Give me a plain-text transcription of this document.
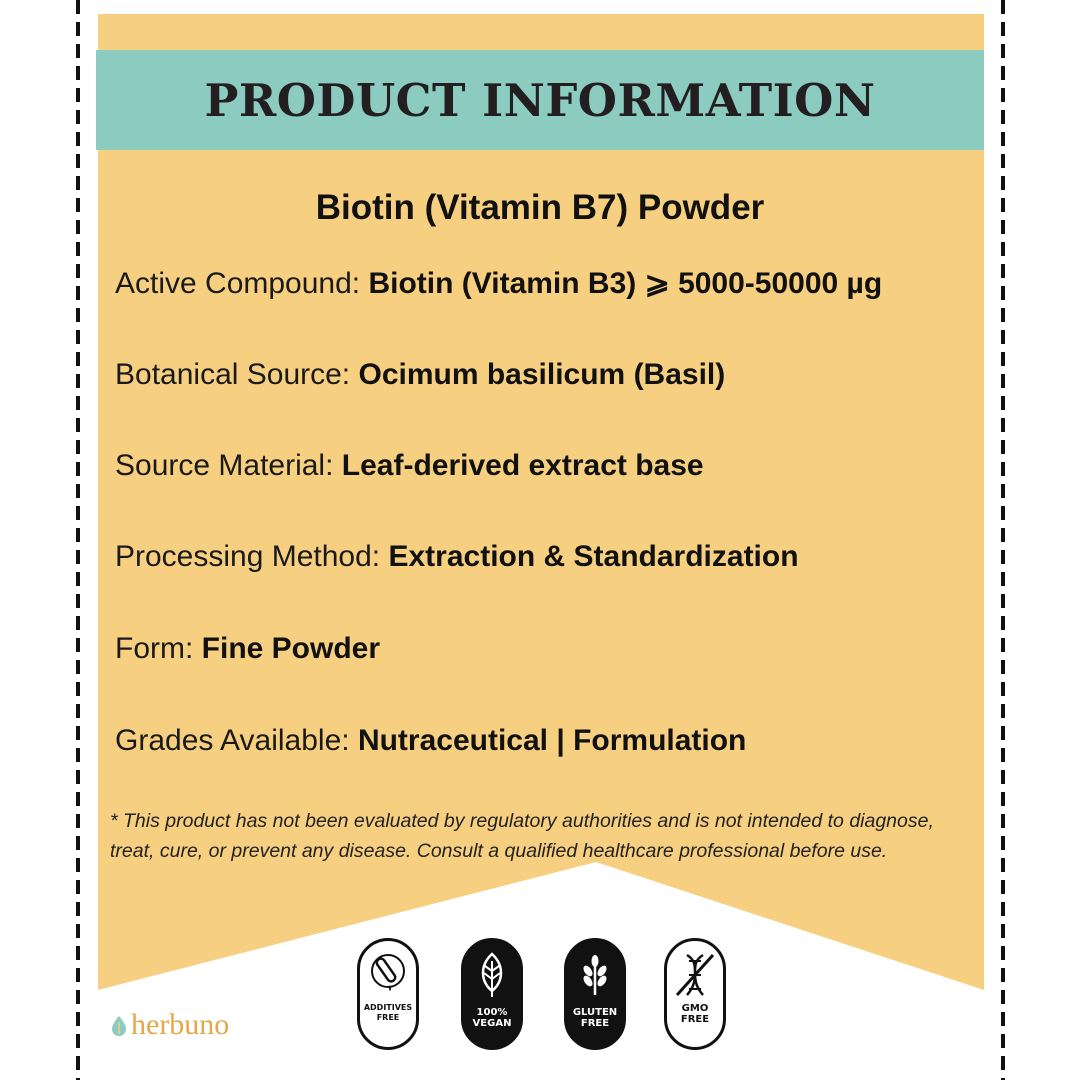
PRODUCT INFORMATION
Biotin (Vitamin B7) Powder
Active Compound: Biotin (Vitamin B3) ⩾ 5000-50000 µg
Botanical Source: Ocimum basilicum (Basil)
Source Material: Leaf-derived extract base
Processing Method: Extraction & Standardization
Form: Fine Powder
Grades Available: Nutraceutical | Formulation
* This product has not been evaluated by regulatory authorities and is not intended to diagnose, treat, cure, or prevent any disease. Consult a qualified healthcare professional before use.
herbuno
ADDITIVES
FREE	100%
VEGAN
GLUTEN
FREE
GMO
FREE
